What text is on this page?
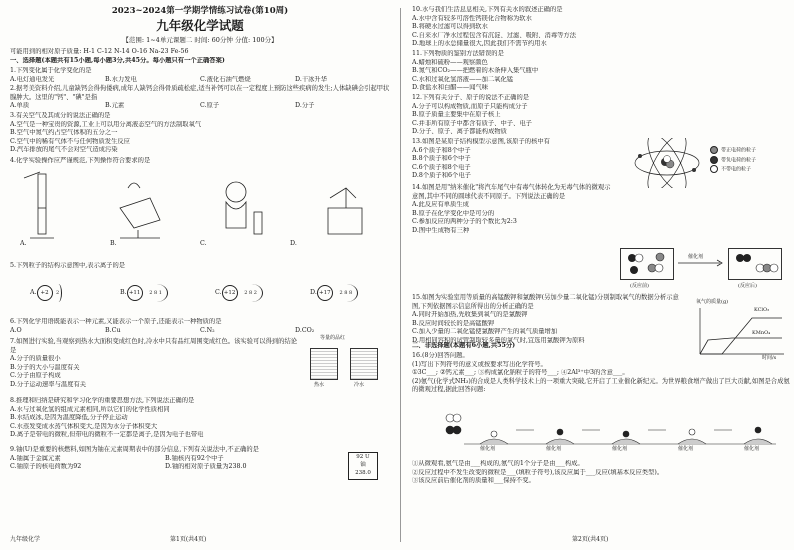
2023~2024第一学期学情练习试卷(第10周)
九年级化学试题
【范围: 1~4单元课题二 时间: 60分钟 分值: 100分】
可能用到的相对原子质量: H-1 C-12 N-14 O-16 Na-23 Fe-56
一、选择题(本题共有15小题,每小题3分,共45分。每小题只有一个正确答案)
1.下列变化属于化学变化的是
A.电灯通电发光	B.水力发电	C.液化石油气燃烧	D.干冰升华
2.据考美资料介绍,儿童缺钙会得佝偻病,成年人缺钙会得骨质疏松症,适当补钙可以在一定程度上预防这些疾病的发生;人体缺碘会引起甲状腺肿大。这里的"钙"、"碘"是指
A.单质	B.元素	C.原子	D.分子
3.有关空气及其成分的说法正确的是
A.空气是一种宝贵的资源,工业上可以用分离液态空气的方法制取氧气
B.空气中氮气约占空气体积的五分之一
C.空气中的稀有气体不与任何物质发生反应
D.汽车排放的尾气不会对空气造成污染
4.化学实验操作应严谨规范,下列操作符合要求的是
A.	B.	C.	D.
5.下列粒子的结构示意图中,表示离子的是
A. +2	2	B. +11	2 8 1	C. +12	2 8 2	D. +17	2 8 8
6.下列化学用语既能表示一种元素,又能表示一个原子,还能表示一种物质的是
A.O	B.Cu	C.N₂	D.CO₂
7.如图进行实验,当观察到热水大面积变成红色时,冷水中只有品红周围变成红色。该实验可以得到的结论是
A.分子的质量很小
B.分子的大小与温度有关
C.分子由原子构成
D.分子运动速率与温度有关
等量的品红
热水	冷水
8.推理和归纳是研究和学习化学的重要思想方法,下列说法正确的是
A.水与过氧化氢的组成元素相同,所以它们的化学性质相同
B.水结成冰,是因为温度降低,分子停止运动
C.水蒸发变成水蒸气体积变大,是因为水分子体积变大
D.离子是带电的微粒,但带电的微粒不一定都是离子,是因为电子也带电
9.铀(U)是重要的核燃料,如图为铀在元素周期表中的部分信息,下列有关说法中,不正确的是
A.铀属于金属元素	B.铀核内有92个中子
C.铀原子的核电荷数为92	D.铀的相对原子质量为238.0
92 U
铀
238.0
九年级化学	第1页(共4页)
10.水与我们生活息息相关,下列有关水的叙述正确的是
A.水中含有较多可溶性钙镁化合物称为软水
B.将硬水过滤可以得到软水
C.自来水厂净水过程包含有沉淀、过滤、吸附、消毒等方法
D.地球上的水总储量很大,因此我们不需节约用水
11.下列物质的鉴别方法错误的是
A.蜡烛和硫粉——观察颜色
B.氮气和CO₂——把燃着的木条伸入集气瓶中
C.水和过氧化氢溶液——加二氧化锰
D.食盐水和白醋——闻气味
12.下列有关分子、原子的说法不正确的是
A.分子可以构成物质,而原子只能构成分子
B.原子质量主要集中在原子核上
C.并非所有原子中都含有质子、中子、电子
D.分子、原子、离子都能构成物质
13.如图是某原子结构模型示意图,该原子的核中有
A.6个质子和8个中子
B.8个质子和6个中子
C.6个质子和8个电子
D.8个质子和6个电子
带正电荷的粒子
带负电荷的粒子
不带电的粒子
14.如图是用"纳米催化"将汽车尾气中有毒气体转化为无毒气体的微观示意图,其中不同的圆球代表不同原子。下列说法正确的是
A.此反应有单质生成
B.原子在化学变化中是可分的
C.参加反应的两种分子的个数比为2:3
D.图中生成物有三种
催化剂
(反应前)	(反应后)
15.如图为实验室用等质量的高锰酸钾和氯酸钾(另加少量二氧化锰)分别制取氧气的数据分析示意图,下列依据图示信息所得出的分析正确的是
A.同时开始加热,先收集到氧气的是氯酸钾
B.反应时间较长的是高锰酸钾
C.加入少量的二氧化锰使氯酸钾产生的氧气质量增加
D.用相同容积的试管制取较多量的氧气时,宜选用氯酸钾为原料
氧气的质量(g)
KClO₃
KMnO₄
时间/s
二、非选择题(本题有6小题,共55分)
16.(8分)回答问题。
(1)写出下列符号的意义或按要求写出化学符号。
①3C___; ②钙元素___; ③构成氯化钠粒子的符号___; ④2Al³⁺中3的含意___。
(2)氨气(化学式NH₃)的合成是人类科学技术上的一项重大突破,它开启了工业催化新纪元。为世界粮食增产做出了巨大贡献,如图是合成氨的微观过程,据此回答问题:
催化剂	催化剂	催化剂	催化剂	催化剂
①从微观看,氨气是由___构成的,氨气的1个分子是由___构成。
②反应过程中不发生改变的微粒是___(填粒子符号),该反应属于___反应(填基本反应类型)。
③该反应前后催化剂的质量和___保持不变。
第2页(共4页)
